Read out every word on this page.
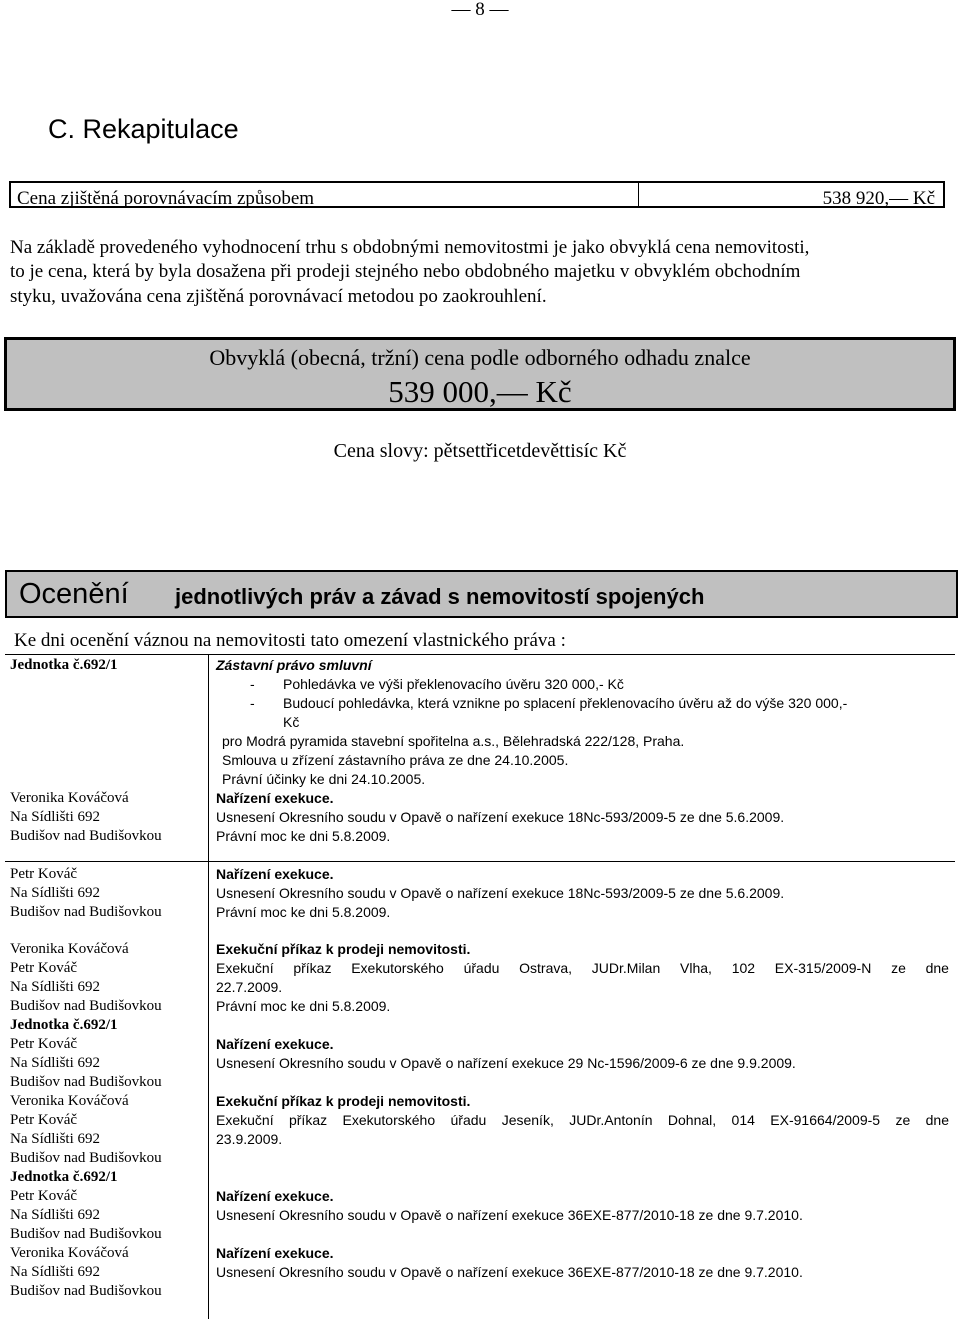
— 8 —
C. Rekapitulace
Cena zjištěná porovnávacím způsobem	538 920,— Kč
Na základě provedeného vyhodnocení trhu s obdobnými nemovitostmi je jako obvyklá cena nemovitosti,
to je cena, která by byla dosažena při prodeji stejného nebo obdobného majetku v obvyklém obchodním
styku, uvažována cena zjištěná porovnávací metodou po zaokrouhlení.
Obvyklá (obecná, tržní) cena podle odborného odhadu znalce
539 000,— Kč
Cena slovy: pětsettřicetdevěttisíc Kč
Ocenění jednotlivých práv a závad s nemovitostí spojených
Ke dni ocenění váznou na nemovitosti tato omezení vlastnického práva :
Jednotka č.692/1	Zástavní právo smluvní
- Pohledávka ve výši překlenovacího úvěru 320 000,- Kč
- Budoucí pohledávka, která vznikne po splacení překlenovacího úvěru až do výše 320 000,-
Kč
pro Modrá pyramida stavební spořitelna a.s., Bělehradská 222/128, Praha.
Smlouva u zřízení zástavního práva ze dne 24.10.2005.
Právní účinky ke dni 24.10.2005.
Veronika Kováčová
Na Sídlišti 692
Budišov nad Budišovkou
Nařízení exekuce.
Usnesení Okresního soudu v Opavě o nařízení exekuce 18Nc-593/2009-5 ze dne 5.6.2009.
Právní moc ke dni 5.8.2009.
Petr Kováč
Na Sídlišti 692
Budišov nad Budišovkou
Nařízení exekuce.
Usnesení Okresního soudu v Opavě o nařízení exekuce 18Nc-593/2009-5 ze dne 5.6.2009.
Právní moc ke dni 5.8.2009.
Veronika Kováčová
Petr Kováč
Na Sídlišti 692
Budišov nad Budišovkou
Jednotka č.692/1
Exekuční příkaz k prodeji nemovitosti.
Exekuční příkaz Exekutorského úřadu Ostrava, JUDr.Milan Vlha, 102 EX-315/2009-N ze dne
22.7.2009.
Právní moc ke dni 5.8.2009.
Petr Kováč
Na Sídlišti 692
Budišov nad Budišovkou
Nařízení exekuce.
Usnesení Okresního soudu v Opavě o nařízení exekuce 29 Nc-1596/2009-6 ze dne 9.9.2009.
Veronika Kováčová
Petr Kováč
Na Sídlišti 692
Budišov nad Budišovkou
Jednotka č.692/1
Exekuční příkaz k prodeji nemovitosti.
Exekuční příkaz Exekutorského úřadu Jeseník, JUDr.Antonín Dohnal, 014 EX-91664/2009-5 ze dne
23.9.2009.
Petr Kováč
Na Sídlišti 692
Budišov nad Budišovkou
Nařízení exekuce.
Usnesení Okresního soudu v Opavě o nařízení exekuce 36EXE-877/2010-18 ze dne 9.7.2010.
Veronika Kováčová
Na Sídlišti 692
Budišov nad Budišovkou
Nařízení exekuce.
Usnesení Okresního soudu v Opavě o nařízení exekuce 36EXE-877/2010-18 ze dne 9.7.2010.
